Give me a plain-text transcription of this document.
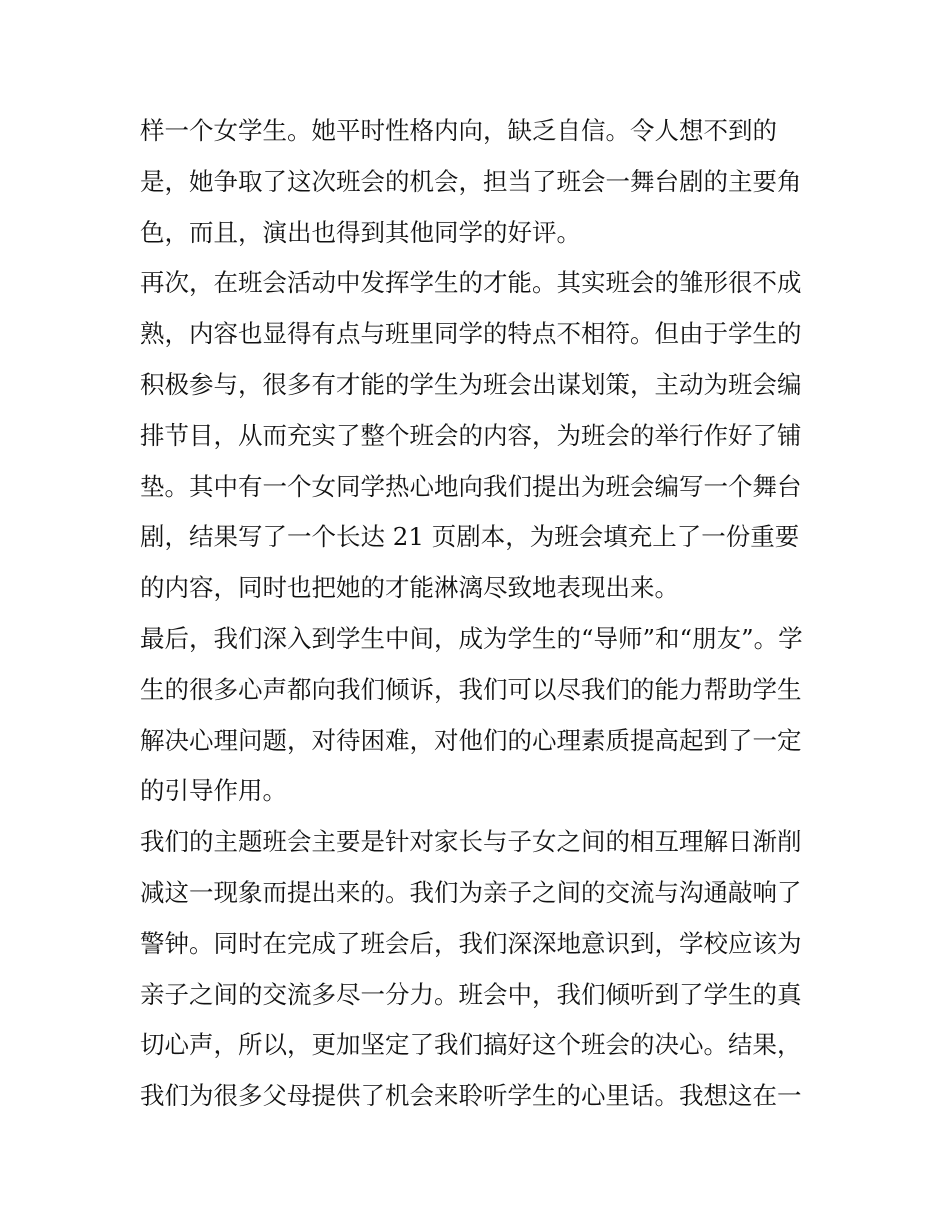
样一个女学生。她平时性格内向，缺乏自信。令人想不到的
是，她争取了这次班会的机会，担当了班会一舞台剧的主要角
色，而且，演出也得到其他同学的好评。
再次，在班会活动中发挥学生的才能。其实班会的雏形很不成
熟，内容也显得有点与班里同学的特点不相符。但由于学生的
积极参与，很多有才能的学生为班会出谋划策，主动为班会编
排节目，从而充实了整个班会的内容，为班会的举行作好了铺
垫。其中有一个女同学热心地向我们提出为班会编写一个舞台
剧，结果写了一个长达 21 页剧本，为班会填充上了一份重要
的内容，同时也把她的才能淋漓尽致地表现出来。
最后，我们深入到学生中间，成为学生的“导师”和“朋友”。学
生的很多心声都向我们倾诉，我们可以尽我们的能力帮助学生
解决心理问题，对待困难，对他们的心理素质提高起到了一定
的引导作用。
我们的主题班会主要是针对家长与子女之间的相互理解日渐削
减这一现象而提出来的。我们为亲子之间的交流与沟通敲响了
警钟。同时在完成了班会后，我们深深地意识到，学校应该为
亲子之间的交流多尽一分力。班会中，我们倾听到了学生的真
切心声，所以，更加坚定了我们搞好这个班会的决心。结果，
我们为很多父母提供了机会来聆听学生的心里话。我想这在一
